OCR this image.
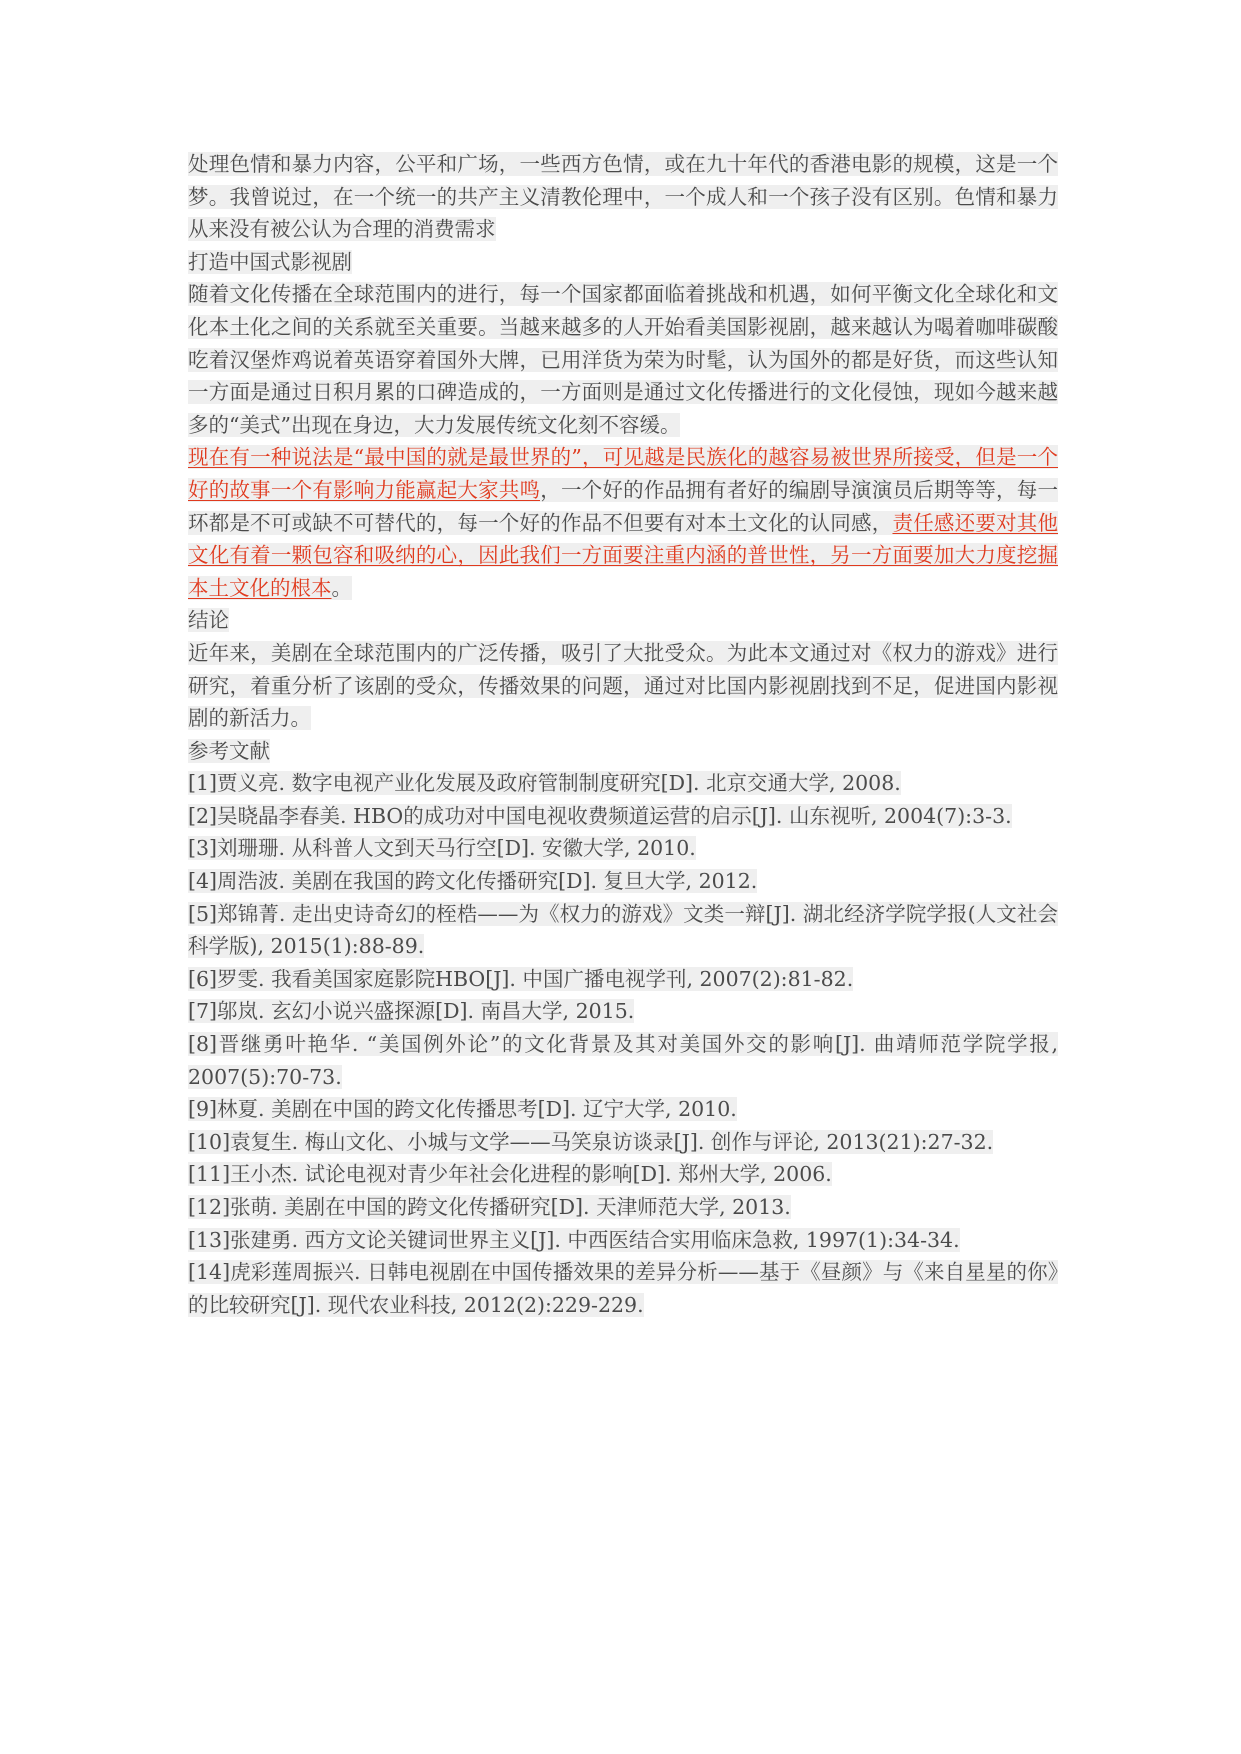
处理色情和暴力内容，公平和广场，一些西方色情，或在九十年代的香港电影的规模，这是一个梦。我曾说过，在一个统一的共产主义清教伦理中，一个成人和一个孩子没有区别。色情和暴力从来没有被公认为合理的消费需求

打造中国式影视剧

随着文化传播在全球范围内的进行，每一个国家都面临着挑战和机遇，如何平衡文化全球化和文化本土化之间的关系就至关重要。当越来越多的人开始看美国影视剧，越来越认为喝着咖啡碳酸吃着汉堡炸鸡说着英语穿着国外大牌，已用洋货为荣为时髦，认为国外的都是好货，而这些认知一方面是通过日积月累的口碑造成的，一方面则是通过文化传播进行的文化侵蚀，现如今越来越多的“美式”出现在身边，大力发展传统文化刻不容缓。

现在有一种说法是“最中国的就是最世界的”，可见越是民族化的越容易被世界所接受，但是一个好的故事一个有影响力能赢起大家共鸣，一个好的作品拥有者好的编剧导演演员后期等等，每一环都是不可或缺不可替代的，每一个好的作品不但要有对本土文化的认同感，责任感还要对其他文化有着一颗包容和吸纳的心，因此我们一方面要注重内涵的普世性，另一方面要加大力度挖掘本土文化的根本。

结论

近年来，美剧在全球范围内的广泛传播，吸引了大批受众。为此本文通过对《权力的游戏》进行研究，着重分析了该剧的受众，传播效果的问题，通过对比国内影视剧找到不足，促进国内影视剧的新活力。

参考文献

[1]贾义亮. 数字电视产业化发展及政府管制制度研究[D]. 北京交通大学, 2008.

[2]吴晓晶李春美. HBO的成功对中国电视收费频道运营的启示[J]. 山东视听, 2004(7):3-3.

[3]刘珊珊. 从科普人文到天马行空[D]. 安徽大学, 2010.

[4]周浩波. 美剧在我国的跨文化传播研究[D]. 复旦大学, 2012.

[5]郑锦菁. 走出史诗奇幻的桎梏——为《权力的游戏》文类一辩[J]. 湖北经济学院学报(人文社会科学版), 2015(1):88-89.

[6]罗雯. 我看美国家庭影院HBO[J]. 中国广播电视学刊, 2007(2):81-82.

[7]邬岚. 玄幻小说兴盛探源[D]. 南昌大学, 2015.

[8]晋继勇叶艳华. “美国例外论”的文化背景及其对美国外交的影响[J]. 曲靖师范学院学报, 2007(5):70-73.

[9]林夏. 美剧在中国的跨文化传播思考[D]. 辽宁大学, 2010.

[10]袁复生. 梅山文化、小城与文学——马笑泉访谈录[J]. 创作与评论, 2013(21):27-32.

[11]王小杰. 试论电视对青少年社会化进程的影响[D]. 郑州大学, 2006.

[12]张萌. 美剧在中国的跨文化传播研究[D]. 天津师范大学, 2013.

[13]张建勇. 西方文论关键词世界主义[J]. 中西医结合实用临床急救, 1997(1):34-34.

[14]虎彩莲周振兴. 日韩电视剧在中国传播效果的差异分析——基于《昼颜》与《来自星星的你》的比较研究[J]. 现代农业科技, 2012(2):229-229.
